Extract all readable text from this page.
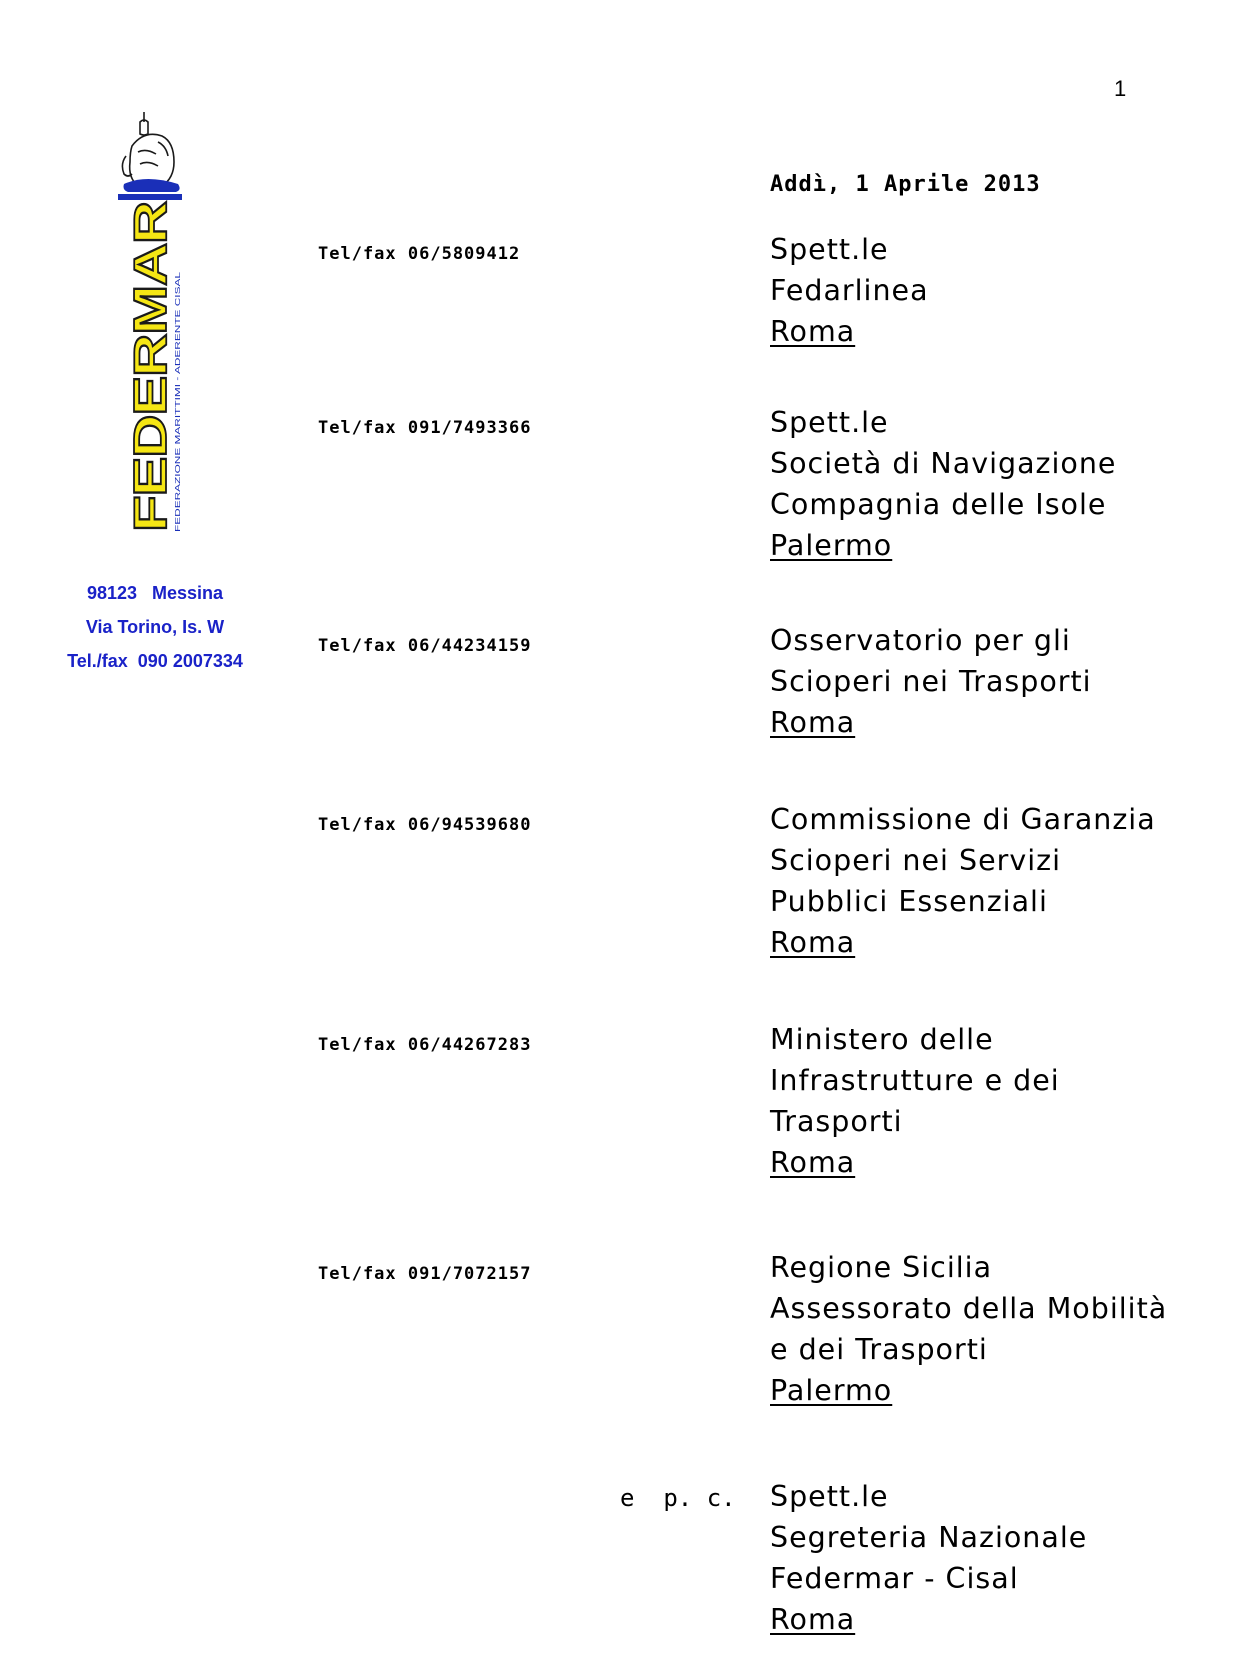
1
FEDERMAR FEDERAZIONE MARITTIMI - ADERENTE CISAL
98123   Messina
Via Torino, Is. W
Tel./fax  090 2007334
Addì, 1 Aprile 2013
Tel/fax 06/5809412
Tel/fax 091/7493366
Tel/fax 06/44234159
Tel/fax 06/94539680
Tel/fax 06/44267283
Tel/fax 091/7072157
e  p. c.
Spett.le
Fedarlinea
Roma
Spett.le
Società di Navigazione
Compagnia delle Isole
Palermo
Osservatorio per gli
Scioperi nei Trasporti
Roma
Commissione di Garanzia
Scioperi nei Servizi
Pubblici Essenziali
Roma
Ministero delle
Infrastrutture e dei
Trasporti
Roma
Regione Sicilia
Assessorato della Mobilità
e dei Trasporti
Palermo
Spett.le
Segreteria Nazionale
Federmar - Cisal
Roma
